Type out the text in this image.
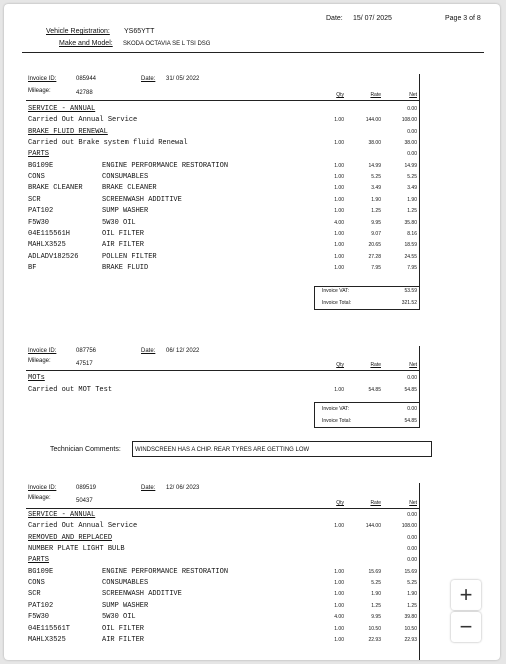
Date: 15/ 07/ 2025	Page 3 of 8
Vehicle Registration: YS65YTT
Make and Model: SKODA OCTAVIA SE L TSI DSG
Invoice ID:	085944	Date: 31/ 05/ 2022
Mileage:	42788	Qty	Rate	Net
SERVICE - ANNUAL	0.00
Carried Out Annual Service	1.00	144.00	108.00
BRAKE FLUID RENEWAL	0.00
Carried out Brake system fluid Renewal	1.00	38.00	38.00
PARTS	0.00
BG109E	ENGINE PERFORMANCE RESTORATION	1.00	14.99	14.99
CONS	CONSUMABLES	1.00	5.25	5.25
BRAKE CLEANER	BRAKE CLEANER	1.00	3.49	3.49
SCR	SCREENWASH ADDITIVE	1.00	1.90	1.90
PAT102	SUMP WASHER	1.00	1.25	1.25
F5W30	5W30 OIL	4.00	9.95	35.80
04E115561H	OIL FILTER	1.00	9.07	8.16
MAHLX3525	AIR FILTER	1.00	20.65	18.59
ADLADV182526	POLLEN FILTER	1.00	27.28	24.55
BF	BRAKE FLUID	1.00	7.95	7.95
Invoice VAT:	53.59
Invoice Total:	321.52
Invoice ID:	087756	Date: 06/ 12/ 2022
Mileage:	47517	Qty	Rate	Net
MOTs	0.00
Carried out MOT Test	1.00	54.85	54.85
Invoice VAT:	0.00
Invoice Total:	54.85
Technician Comments: WINDSCREEN HAS A CHIP. REAR TYRES ARE GETTING LOW
Invoice ID:	089519	Date: 12/ 06/ 2023
Mileage:	50437	Qty	Rate	Net
SERVICE - ANNUAL	0.00
Carried Out Annual Service	1.00	144.00	108.00
REMOVED AND REPLACED	0.00
NUMBER PLATE LIGHT BULB	0.00
PARTS	0.00
BG109E	ENGINE PERFORMANCE RESTORATION	1.00	15.69	15.69
CONS	CONSUMABLES	1.00	5.25	5.25
SCR	SCREENWASH ADDITIVE	1.00	1.90	1.90
PAT102	SUMP WASHER	1.00	1.25	1.25
F5W30	5W30 OIL	4.00	9.95	39.80
04E115561T	OIL FILTER	1.00	10.50	10.50
MAHLX3525	AIR FILTER	1.00	22.93	22.93
+
−
